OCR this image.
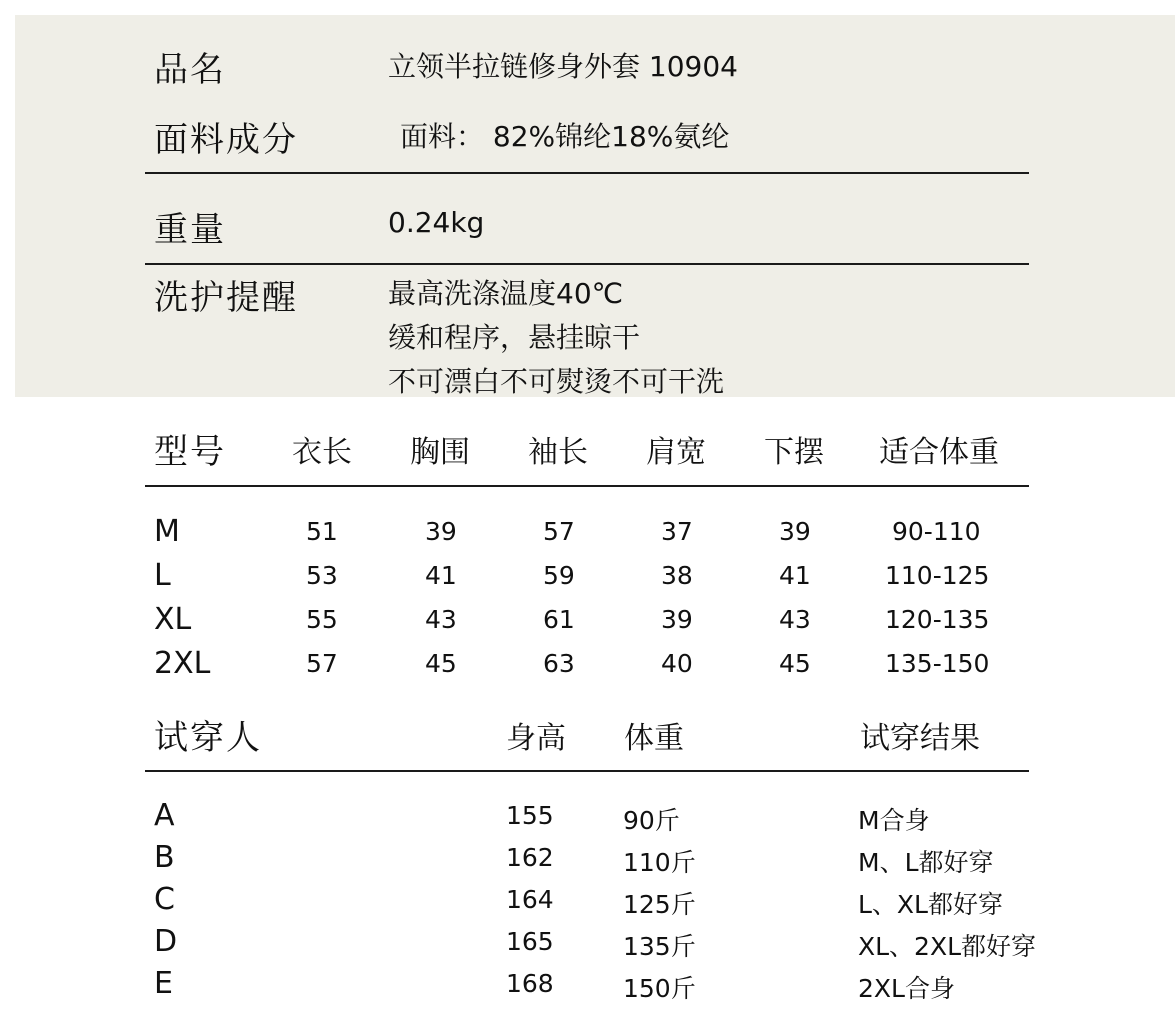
品名	立领半拉链修身外套 10904
面料成分	面料： 82%锦纶18%氨纶
重量	0.24kg
洗护提醒	最高洗涤温度40℃
缓和程序，悬挂晾干
不可漂白不可熨烫不可干洗
型号 衣长 胸围 袖长 肩宽 下摆 适合体重
M	51	39	57	37	39	90-110
L	53	41	59	38	41	110-125
XL	55	43	61	39	43	120-135
2XL	57	45	63	40	45	135-150
试穿人	身高 体重	试穿结果
A	155	90斤	M合身
B	162	110斤	M、L都好穿
C	164	125斤	L、XL都好穿
D	165	135斤	XL、2XL都好穿
E	168	150斤	2XL合身
